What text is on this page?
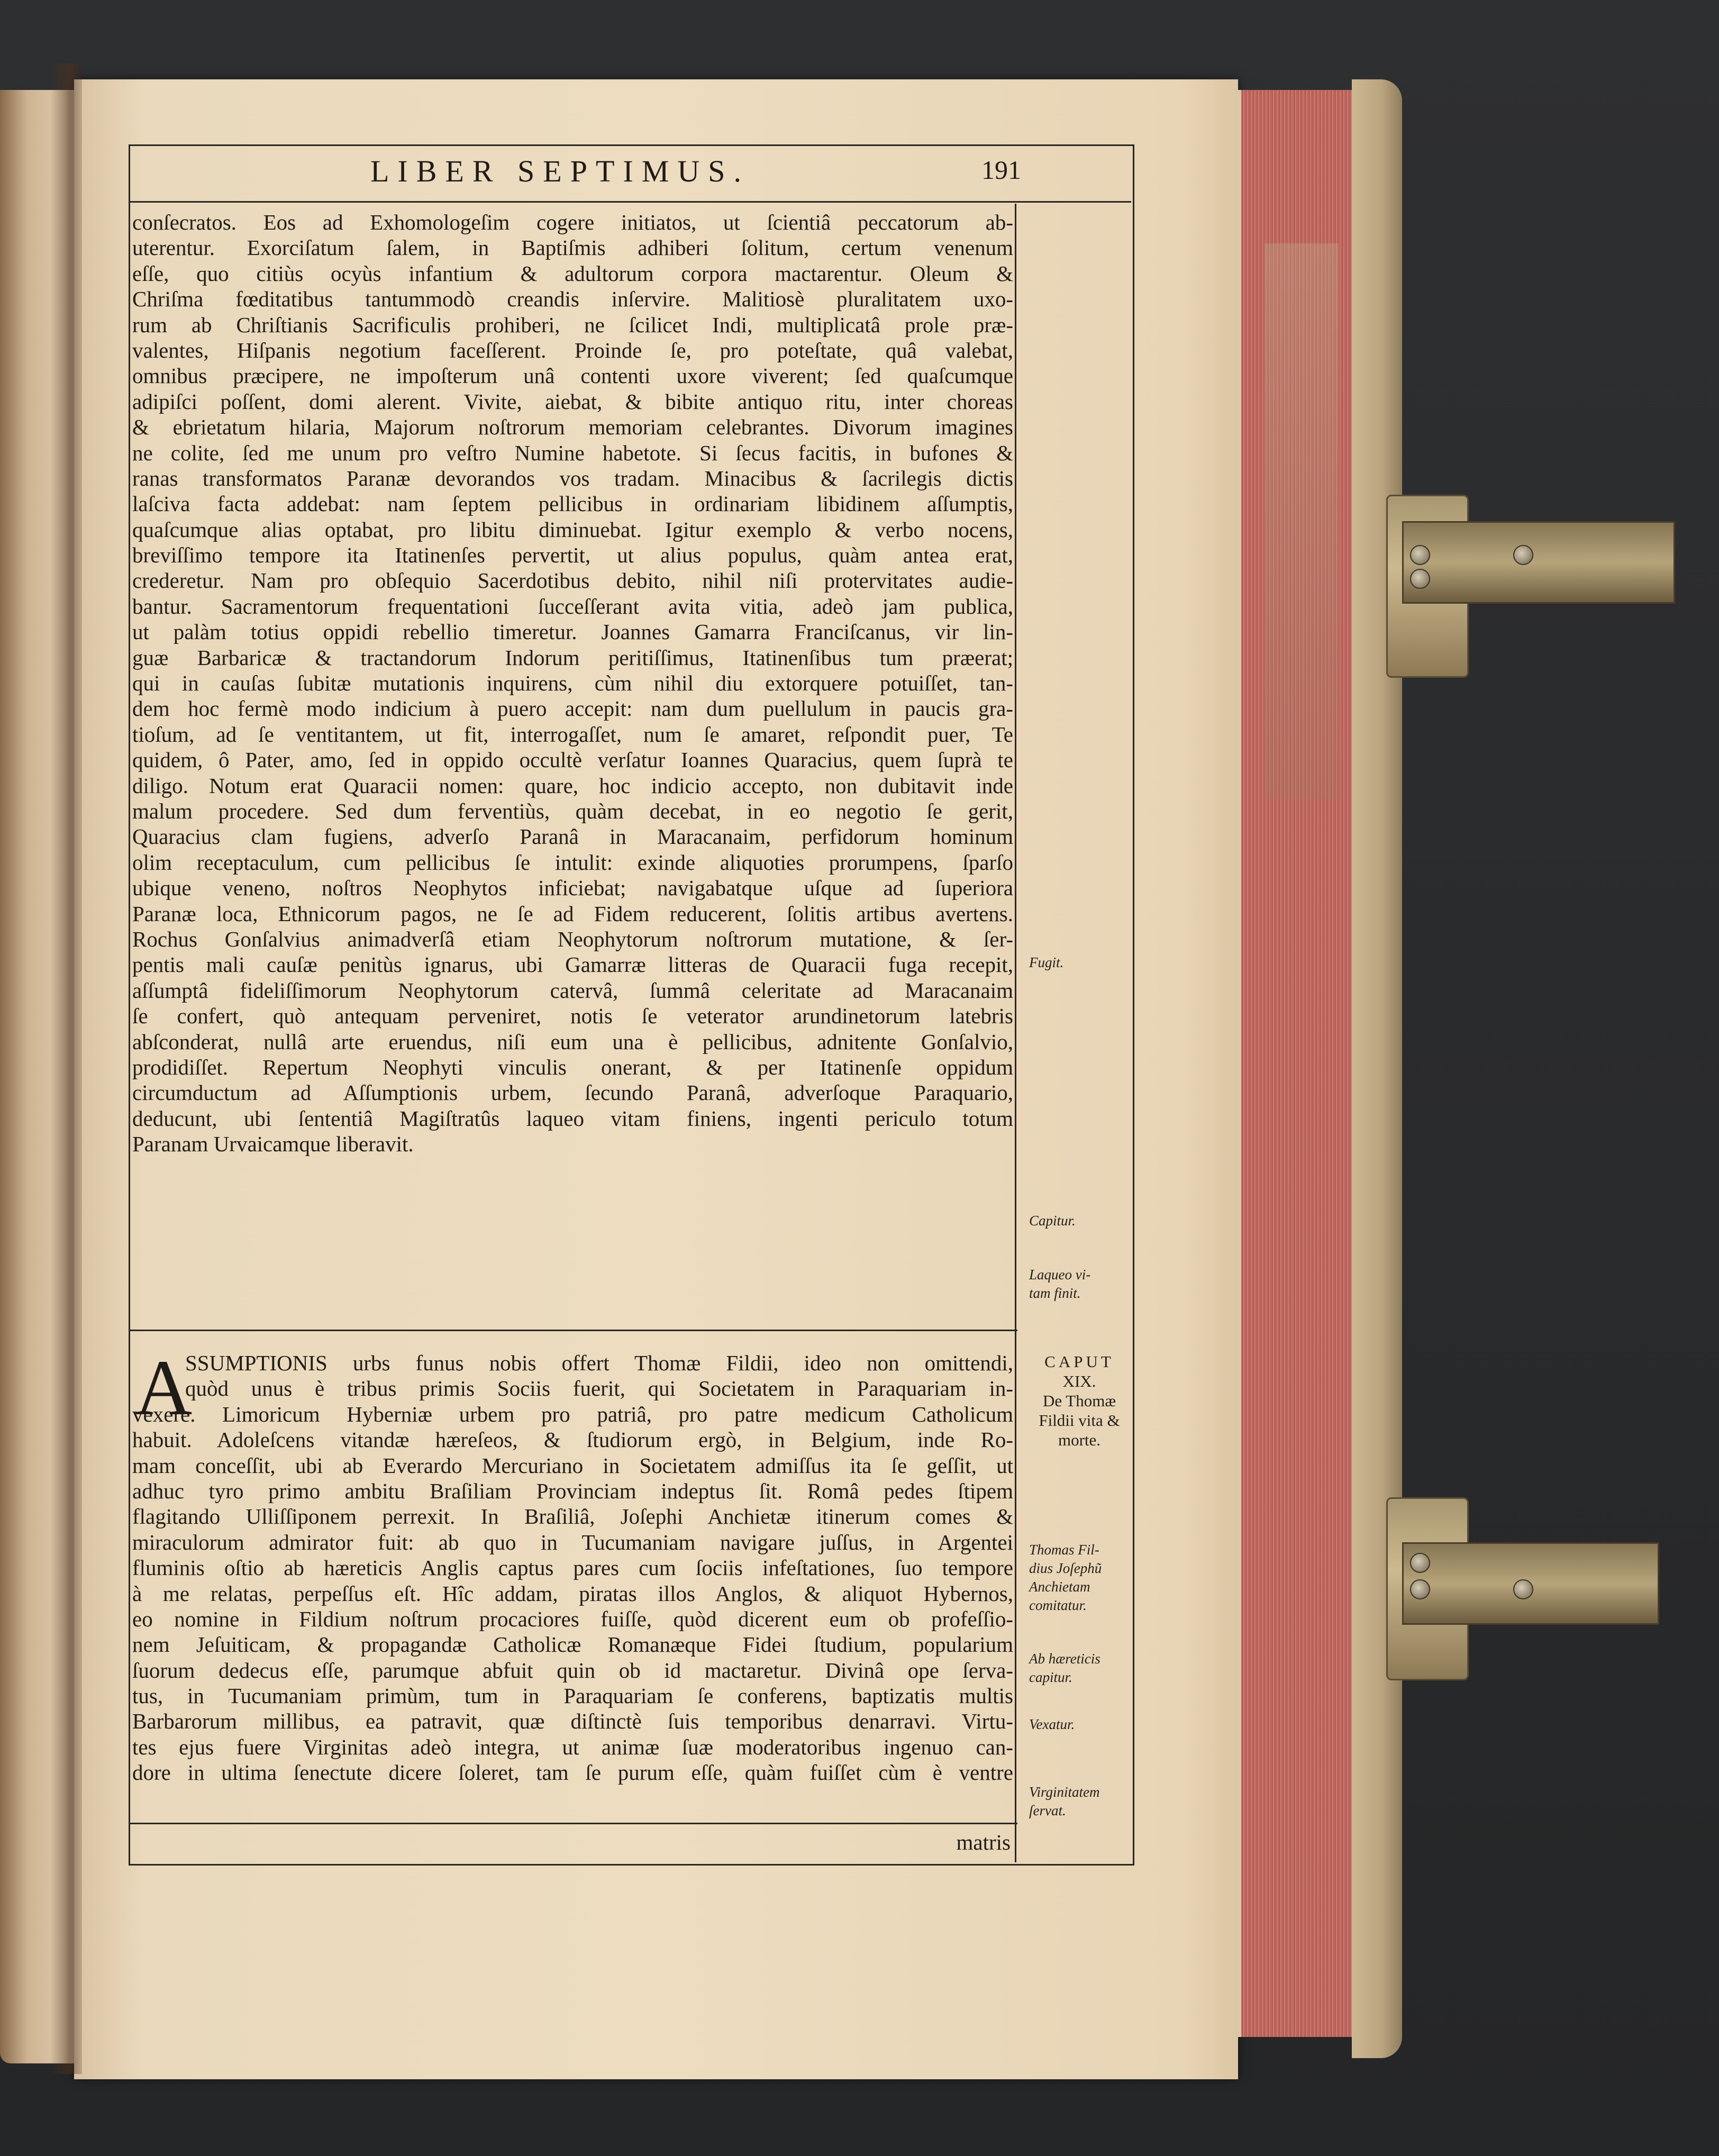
LIBER SEPTIMUS.	191
conſecratos. Eos ad Exhomologeſim cogere initiatos, ut ſcientiâ peccatorum ab-
uterentur. Exorciſatum ſalem, in Baptiſmis adhiberi ſolitum, certum venenum
eſſe, quo citiùs ocyùs infantium & adultorum corpora mactarentur. Oleum &
Chriſma fœditatibus tantummodò creandis inſervire. Malitiosè pluralitatem uxo-
rum ab Chriſtianis Sacrificulis prohiberi, ne ſcilicet Indi, multiplicatâ prole præ-
valentes, Hiſpanis negotium faceſſerent. Proinde ſe, pro poteſtate, quâ valebat,
omnibus præcipere, ne impoſterum unâ contenti uxore viverent; ſed quaſcumque
adipiſci poſſent, domi alerent. Vivite, aiebat, & bibite antiquo ritu, inter choreas
& ebrietatum hilaria, Majorum noſtrorum memoriam celebrantes. Divorum imagines
ne colite, ſed me unum pro veſtro Numine habetote. Si ſecus facitis, in bufones &
ranas transformatos Paranæ devorandos vos tradam. Minacibus & ſacrilegis dictis
laſciva facta addebat: nam ſeptem pellicibus in ordinariam libidinem aſſumptis,
quaſcumque alias optabat, pro libitu diminuebat. Igitur exemplo & verbo nocens,
breviſſimo tempore ita Itatinenſes pervertit, ut alius populus, quàm antea erat,
crederetur. Nam pro obſequio Sacerdotibus debito, nihil niſi protervitates audie-
bantur. Sacramentorum frequentationi ſucceſſerant avita vitia, adeò jam publica,
ut palàm totius oppidi rebellio timeretur. Joannes Gamarra Franciſcanus, vir lin-
guæ Barbaricæ & tractandorum Indorum peritiſſimus, Itatinenſibus tum præerat;
qui in cauſas ſubitæ mutationis inquirens, cùm nihil diu extorquere potuiſſet, tan-
dem hoc fermè modo indicium à puero accepit: nam dum puellulum in paucis gra-
tioſum, ad ſe ventitantem, ut fit, interrogaſſet, num ſe amaret, reſpondit puer, Te
quidem, ô Pater, amo, ſed in oppido occultè verſatur Ioannes Quaracius, quem ſuprà te
diligo. Notum erat Quaracii nomen: quare, hoc indicio accepto, non dubitavit inde
malum procedere. Sed dum ferventiùs, quàm decebat, in eo negotio ſe gerit,
Quaracius clam fugiens, adverſo Paranâ in Maracanaim, perfidorum hominum
olim receptaculum, cum pellicibus ſe intulit: exinde aliquoties prorumpens, ſparſo
ubique veneno, noſtros Neophytos inficiebat; navigabatque uſque ad ſuperiora
Paranæ loca, Ethnicorum pagos, ne ſe ad Fidem reducerent, ſolitis artibus avertens.
Rochus Gonſalvius animadverſâ etiam Neophytorum noſtrorum mutatione, & ſer-
pentis mali cauſæ penitùs ignarus, ubi Gamarræ litteras de Quaracii fuga recepit,
aſſumptâ fideliſſimorum Neophytorum catervâ, ſummâ celeritate ad Maracanaim
ſe confert, quò antequam perveniret, notis ſe veterator arundinetorum latebris
abſconderat, nullâ arte eruendus, niſi eum una è pellicibus, adnitente Gonſalvio,
prodidiſſet. Repertum Neophyti vinculis onerant, & per Itatinenſe oppidum
circumductum ad Aſſumptionis urbem, ſecundo Paranâ, adverſoque Paraquario,
deducunt, ubi ſententiâ Magiſtratûs laqueo vitam finiens, ingenti periculo totum
Paranam Urvaicamque liberavit.
A
SSUMPTIONIS urbs funus nobis offert Thomæ Fildii, ideo non omittendi,
quòd unus è tribus primis Sociis fuerit, qui Societatem in Paraquariam in-
vexere. Limoricum Hyberniæ urbem pro patriâ, pro patre medicum Catholicum
habuit. Adoleſcens vitandæ hæreſeos, & ſtudiorum ergò, in Belgium, inde Ro-
mam conceſſit, ubi ab Everardo Mercuriano in Societatem admiſſus ita ſe geſſit, ut
adhuc tyro primo ambitu Braſiliam Provinciam indeptus ſit. Româ pedes ſtipem
flagitando Ulliſſiponem perrexit. In Braſiliâ, Joſephi Anchietæ itinerum comes &
miraculorum admirator fuit: ab quo in Tucumaniam navigare juſſus, in Argentei
fluminis oſtio ab hæreticis Anglis captus pares cum ſociis infeſtationes, ſuo tempore
à me relatas, perpeſſus eſt. Hîc addam, piratas illos Anglos, & aliquot Hybernos,
eo nomine in Fildium noſtrum procaciores fuiſſe, quòd dicerent eum ob profeſſio-
nem Jeſuiticam, & propagandæ Catholicæ Romanæque Fidei ſtudium, popularium
ſuorum dedecus eſſe, parumque abfuit quin ob id mactaretur. Divinâ ope ſerva-
tus, in Tucumaniam primùm, tum in Paraquariam ſe conferens, baptizatis multis
Barbarorum millibus, ea patravit, quæ diſtinctè ſuis temporibus denarravi. Virtu-
tes ejus fuere Virginitas adeò integra, ut animæ ſuæ moderatoribus ingenuo can-
dore in ultima ſenectute dicere ſoleret, tam ſe purum eſſe, quàm fuiſſet cùm è ventre
matris
Fugit.
Capitur.
Laqueo vi-
tam finit.
CAPUT
XIX.
De Thomæ
Fildii vita &
morte.
Thomas Fil-
dius Joſephũ
Anchietam
comitatur.
Ab hæreticis
capitur.
Vexatur.
Virginitatem
ſervat.
